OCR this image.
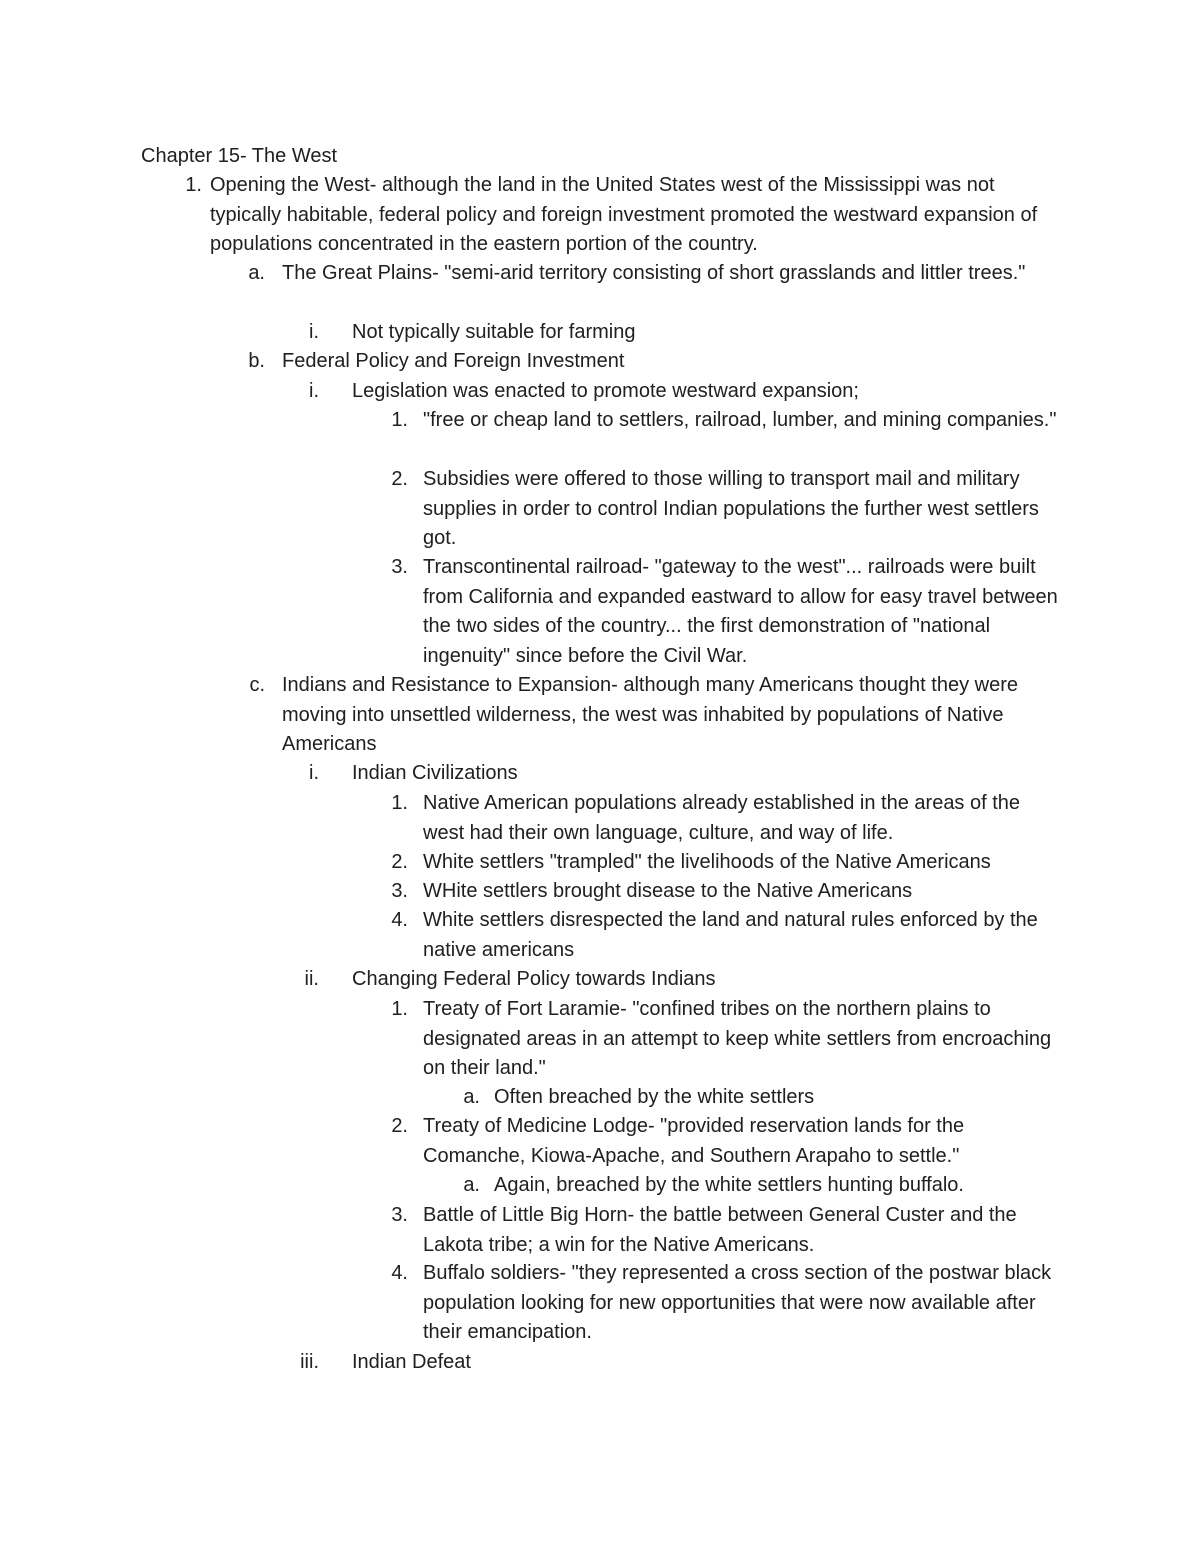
Chapter 15- The West
1. Opening the West- although the land in the United States west of the Mississippi was not typically habitable, federal policy and foreign investment promoted the westward expansion of populations concentrated in the eastern portion of the country.
a. The Great Plains- "semi-arid territory consisting of short grasslands and littler trees."
i. Not typically suitable for farming
b. Federal Policy and Foreign Investment
i. Legislation was enacted to promote westward expansion;
1. "free or cheap land to settlers, railroad, lumber, and mining companies."
2. Subsidies were offered to those willing to transport mail and military supplies in order to control Indian populations the further west settlers got.
3. Transcontinental railroad- "gateway to the west"... railroads were built from California and expanded eastward to allow for easy travel between the two sides of the country... the first demonstration of "national ingenuity" since before the Civil War.
c. Indians and Resistance to Expansion- although many Americans thought they were moving into unsettled wilderness, the west was inhabited by populations of Native Americans
i. Indian Civilizations
1. Native American populations already established in the areas of the west had their own language, culture, and way of life.
2. White settlers "trampled" the livelihoods of the Native Americans
3. WHite settlers brought disease to the Native Americans
4. White settlers disrespected the land and natural rules enforced by the native americans
ii. Changing Federal Policy towards Indians
1. Treaty of Fort Laramie- "confined tribes on the northern plains to designated areas in an attempt to keep white settlers from encroaching on their land."
a. Often breached by the white settlers
2. Treaty of Medicine Lodge- "provided reservation lands for the Comanche, Kiowa-Apache, and Southern Arapaho to settle."
a. Again, breached by the white settlers hunting buffalo.
3. Battle of Little Big Horn- the battle between General Custer and the Lakota tribe; a win for the Native Americans.
4. Buffalo soldiers- "they represented a cross section of the postwar black population looking for new opportunities that were now available after their emancipation.
iii. Indian Defeat
